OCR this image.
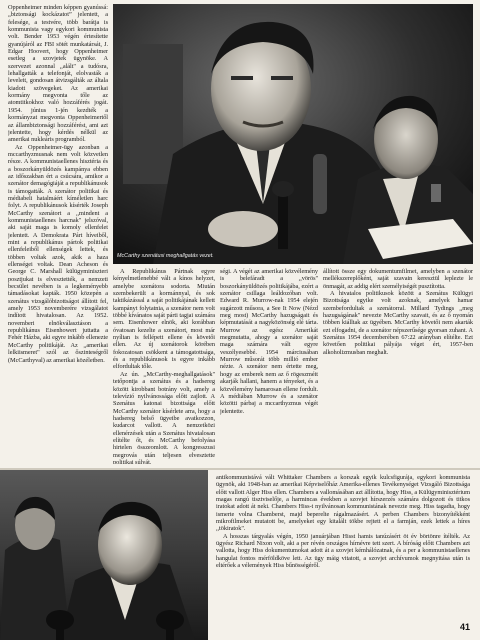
Oppenheimer minden képpen gyanússá: „biztonsági kockázatot” jelentett, a felesége, a testvére, több barátja is kommunista vagy egykori kommunista volt. Bender 1953 végén értesítette gyanújáról az FBI sötét munkatársát, J. Edgar Hoovert, hogy Oppenheimer esetleg a szovjetek ügynöke. A szervezet azonnal ,,alált" a tudósra, lehallgatták a telefonját, elolvasták a leveleit, gondosan átvizsgálták az általa kiadott szövegeket. Az amerikai kormány megvonta tőle az atomtitkokhoz való hozzáférés jogát. 1954. június 1-jén kezdték a kormányzat megvonta Oppenheimertől az állambiztonsági hozzáférést, ami azt jelentette, hogy kérdés nélkül az amerikai nukleáris programból.

Az Oppenheimer-ügy azonban a mccarthyzmusnak nem volt közvetlen része. A kommunistaellenes hisztéria és a boszorkányüldözés kampánya ebben az időszakban ért a csúcsára, amikor a szenátor demagógiáját a republikánusok is támogatták. A szenátor politikai és médiabeli hatalmáért kíméletlen harc folyt. A republikánusok kísérték Joseph McCarthy szenátort a ,,mindent a kommunistaellenes harcnak" jelszóval, aki saját maga is komoly ellenfelet jelentett. A Demokrata Párt híveiből, mint a republikánus pártok politikai ellenfeleiből ellenségek lettek, és többen voltak azok, akik a haza ellenségei voltak. Dean Acheson és George C. Marshall külügyminiszteri posztjukat is elvesztették, a nemzeti becsület nevében is a legkeményebb támadásokat kapták. 1950 közepén a szenátus vizsgálóbizottságot állított fel, amely 1953 novemberére vizsgálatot indított hivatalosan. Az 1952. novemberi elnökválasztáson a republikánus Eisenhowert juttatta a Fehér Házba, aki egyre inkább ellenezte McCarthy politikáját. Az ,,amerikai lelkiismeret" szól az őszinteségről (McCarthyval) az amerikai közéletben.

McCarthy szenátusi meghallgatás vezet.

A Republikánus Pártnak egyre kényelmetlenebbé vált a kínos helyzet, amelybe szenátora sodorta. Miután szembekerült a kormánnyal, és sok taktikázással a saját politikájának kellett kampányt folytatnia, a szenátor nem volt többé kívánatos saját párti tagjai számára sem. Eisenhower elnök, aki korábban óvatosan kezelte a szenátort, most már nyíltan is fellépett ellene és követői ellen. Az új szenátorok körében fokozatosan csökkent a támogatottsága, és a republikánusok is egyre inkább elfordultak tőle.

Az ún. ,,McCarthy-meghallgatások" tetőpontja a szenátus és a hadsereg között kirobbant botrány volt, amely a televízió nyilvánossága előtt zajlott. A Szenátus katonai bizottsága előtt McCarthy szenátor kísérlete arra, hogy a hadsereg belső ügyeibe avatkozzon, kudarcot vallott. A nemzetközi ellenérzések után a Szenátus hivatalosan elítélte őt, és McCarthy befolyása hirtelen összeomlott. A kongresszusi megrovás után teljesen elvesztette politikai súlyát.

ségi. A végét az amerikai közvélemény is belefáradt a ,,vörös" boszorkányüldözés politikájába, ezért a szenátor csillaga leáldozóban volt. Edward R. Murrow-nak 1954 elején sugárzott műsora, a See It Now (Nézd meg most) McCarthy hazugságait és képmutatását a nagyközönség elé tárta. Murrow az egész Amerikát megmutatta, ahogy a szenátor saját maga számára vált egyre veszélyesebbé. 1954 márciusában Murrow műsorát több millió ember nézte. A szenátor nem értette meg, hogy az emberek nem az ő rögeszméit akarják hallani, hanem a tényeket, és a közvélemény hamarosan ellene fordult. A médiában Murrow és a szenátor közötti párbaj a mccarthyzmus végét jelentette.

állított össze egy dokumentumfilmet, amelyben a szenátor mellékszereplőként, saját szavain keresztül leplezte le önmagát, az addig elért személyiségét pusztította.

A hivatalos politikusok között a Szenátus Külügyi Bizottsága egyike volt azoknak, amelyek hamar szembefordultak a szenátorral. Millard Tydings ,,meg hazugságának" nevezte McCarthy szavait, és az ő nyomán többen kiálltak az ügyében. McCarthy követői nem akarták ezt elfogadni, de a szenátor népszerűsége gyorsan zuhant. A Szenátus 1954 decemberében 67:22 arányban elítélte. Ezt követően politikai pályája véget ért, 1957-ben alkoholizmusban meghalt.

antikommunistává vált Whittaker Chambers a korszak egyik kulcsfigurája, egykori kommunista ügynök, aki 1948-ban az amerikai Képviselőház Amerika-ellenes Tevékenységet Vizsgáló Bizottsága előtt vallott Alger Hiss ellen. Chambers a vallomásában azt állította, hogy Hiss, a Külügyminisztérium magas rangú tisztviselője, a harmincas években a szovjet hírszerzés számára dolgozott és titkos iratokat adott át neki. Chambers Hiss-t nyilvánosan kommunistának nevezte meg. Hiss tagadta, hogy ismerte volna Chamberst, majd beperelte rágalmazásért. A perben Chambers bizonyítékként mikrofilmeket mutatott be, amelyeket egy kitalált tökbe rejtett el a farmján, ezek lettek a híres ,,tökiratok".

A hosszas tárgyalás végén, 1950 januárjában Hisst hamis tanúzásért öt év börtönre ítélték. Az ügyész Richard Nixon volt, aki a per révén országos hírnévre tett szert. A bíróság előtt Chambers azt vallotta, hogy Hiss dokumentumokat adott át a szovjet kémhálózatnak, és a per a kommunistaellenes hangulat fontos mérföldköve lett. Az ügy máig vitatott, a szovjet archívumok megnyitása után is eltérőek a vélemények Hiss bűnösségéről.

41
